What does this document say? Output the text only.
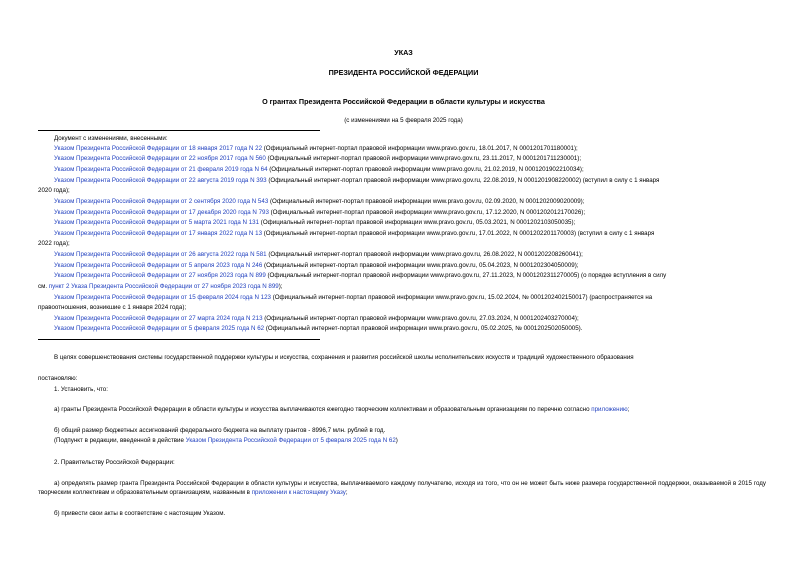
УКАЗ
ПРЕЗИДЕНТА РОССИЙСКОЙ ФЕДЕРАЦИИ
О грантах Президента Российской Федерации в области культуры и искусства
(с изменениями на 5 февраля 2025 года)
Документ с изменениями, внесенными:
Указом Президента Российской Федерации от 18 января 2017 года N 22 (Официальный интернет-портал правовой информации www.pravo.gov.ru, 18.01.2017, N 0001201701180001);
Указом Президента Российской Федерации от 22 ноября 2017 года N 560 (Официальный интернет-портал правовой информации www.pravo.gov.ru, 23.11.2017, N 0001201711230001);
Указом Президента Российской Федерации от 21 февраля 2019 года N 64 (Официальный интернет-портал правовой информации www.pravo.gov.ru, 21.02.2019, N 0001201902210034);
Указом Президента Российской Федерации от 22 августа 2019 года N 393 (Официальный интернет-портал правовой информации www.pravo.gov.ru, 22.08.2019, N 0001201908220002) (вступил в силу с 1 января
2020 года);
Указом Президента Российской Федерации от 2 сентября 2020 года N 543 (Официальный интернет-портал правовой информации www.pravo.gov.ru, 02.09.2020, N 0001202009020009);
Указом Президента Российской Федерации от 17 декабря 2020 года N 793 (Официальный интернет-портал правовой информации www.pravo.gov.ru, 17.12.2020, N 0001202012170026);
Указом Президента Российской Федерации от 5 марта 2021 года N 131 (Официальный интернет-портал правовой информации www.pravo.gov.ru, 05.03.2021, N 0001202103050035);
Указом Президента Российской Федерации от 17 января 2022 года N 13 (Официальный интернет-портал правовой информации www.pravo.gov.ru, 17.01.2022, N 0001202201170003) (вступил в силу с 1 января
2022 года);
Указом Президента Российской Федерации от 26 августа 2022 года N 581 (Официальный интернет-портал правовой информации www.pravo.gov.ru, 26.08.2022, N 0001202208260041);
Указом Президента Российской Федерации от 5 апреля 2023 года N 246 (Официальный интернет-портал правовой информации www.pravo.gov.ru, 05.04.2023, N 0001202304050009);
Указом Президента Российской Федерации от 27 ноября 2023 года N 899 (Официальный интернет-портал правовой информации www.pravo.gov.ru, 27.11.2023, N 0001202311270005) (о порядке вступления в силу
см. пункт 2 Указа Президента Российской Федерации от 27 ноября 2023 года N 899);
Указом Президента Российской Федерации от 15 февраля 2024 года N 123 (Официальный интернет-портал правовой информации www.pravo.gov.ru, 15.02.2024, № 0001202402150017) (распространяется на
правоотношения, возникшие с 1 января 2024 года);
Указом Президента Российской Федерации от 27 марта 2024 года N 213 (Официальный интернет-портал правовой информации www.pravo.gov.ru, 27.03.2024, N 0001202403270004);
Указом Президента Российской Федерации от 5 февраля 2025 года N 62 (Официальный интернет-портал правовой информации www.pravo.gov.ru, 05.02.2025, № 0001202502050005).
В целях совершенствования системы государственной поддержки культуры и искусства, сохранения и развития российской школы исполнительских искусств и традиций художественного образования
постановляю:
1. Установить, что:
а) гранты Президента Российской Федерации в области культуры и искусства выплачиваются ежегодно творческим коллективам и образовательным организациям по перечню согласно приложению;
б) общий размер бюджетных ассигнований федерального бюджета на выплату грантов - 8996,7 млн. рублей в год.
(Подпункт в редакции, введенной в действие Указом Президента Российской Федерации от 5 февраля 2025 года N 62)
2. Правительству Российской Федерации:
а) определять размер гранта Президента Российской Федерации в области культуры и искусства, выплачиваемого каждому получателю, исходя из того, что он не может быть ниже размера государственной поддержки, оказываемой в 2015 году творческим коллективам и образовательным организациям, названным в приложении к настоящему Указу;
б) привести свои акты в соответствие с настоящим Указом.
